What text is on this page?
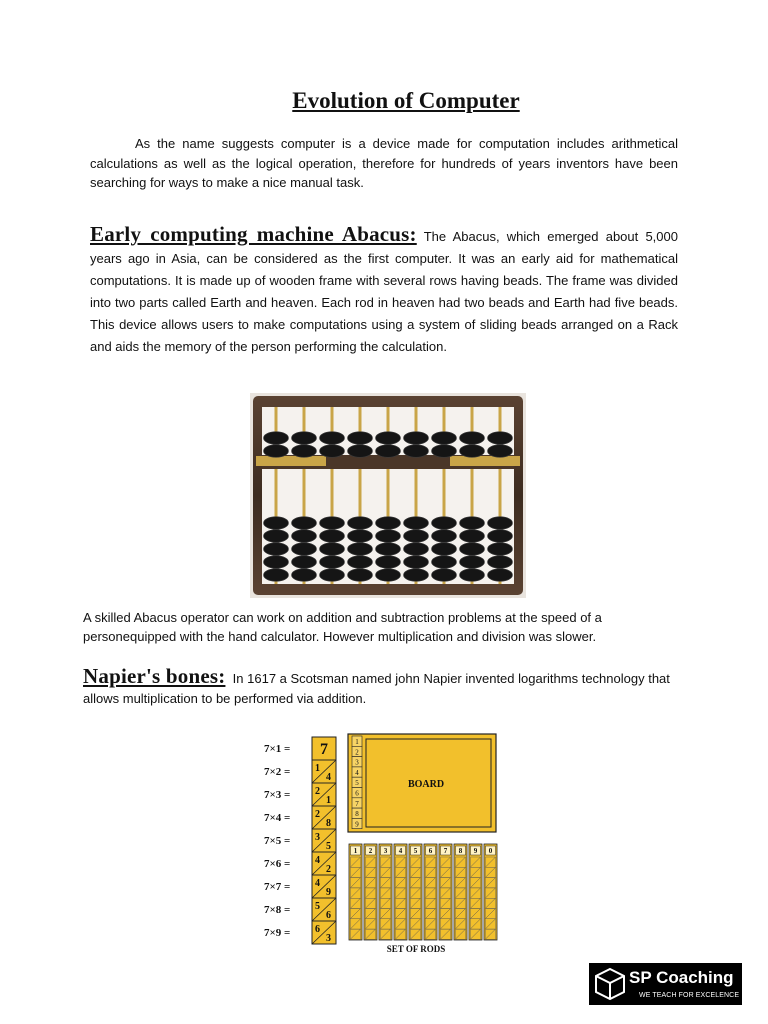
Evolution of Computer

As the name suggests computer is a device made for computation includes arithmetical calculations as well as the logical operation, therefore for hundreds of years inventors have been searching for ways to make a nice manual task.

Early computing machine Abacus: The Abacus, which emerged about 5,000 years ago in Asia, can be considered as the first computer. It was an early aid for mathematical computations. It is made up of wooden frame with several rows having beads. The frame was divided into two parts called Earth and heaven. Each rod in heaven had two beads and Earth had five beads. This device allows users to make computations using a system of sliding beads arranged on a Rack and aids the memory of the person performing the calculation.

A skilled Abacus operator can work on addition and subtraction problems at the speed of a personequipped with the hand calculator. However multiplication and division was slower.

Napier's bones: In 1617 a Scotsman named john Napier invented logarithms technology that allows multiplication to be performed via addition.

7×1 =
7×2 =
7×3 =
7×4 =
7×5 =
7×6 =
7×7 =
7×8 =
7×9 =
7
1
4
2
1
2
8
3
5
4
2
4
9
5
6
6
3
1
2
3
4
5
6
7
8
9
BOARD
1 2 3 4 5 6 7 8 9 0
SET OF RODS
SP Coaching
WE TEACH FOR EXCELENCE
